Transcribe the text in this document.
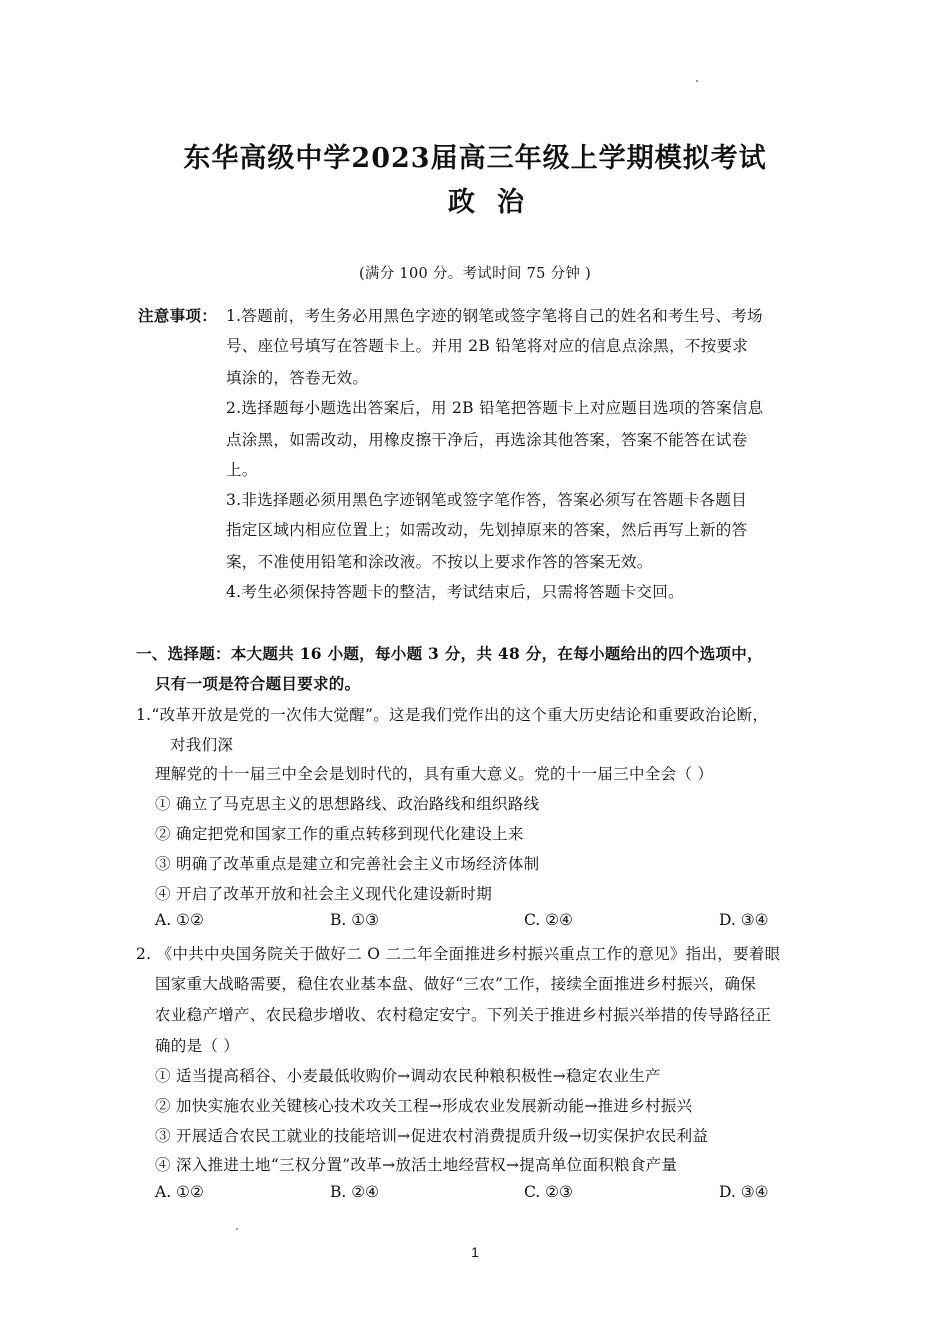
东华高级中学2023届高三年级上学期模拟考试
政治
(满分 100 分。考试时间 75 分钟 )
注意事项： 1.答题前，考生务必用黑色字迹的钢笔或签字笔将自己的姓名和考生号、考场
号、座位号填写在答题卡上。并用 2B 铅笔将对应的信息点涂黑，不按要求
填涂的，答卷无效。
2.选择题每小题选出答案后，用 2B 铅笔把答题卡上对应题目选项的答案信息
点涂黑，如需改动，用橡皮擦干净后，再选涂其他答案，答案不能答在试卷
上。
3.非选择题必须用黑色字迹钢笔或签字笔作答，答案必须写在答题卡各题目
指定区域内相应位置上；如需改动，先划掉原来的答案，然后再写上新的答
案，不准使用铅笔和涂改液。不按以上要求作答的答案无效。
4.考生必须保持答题卡的整洁，考试结束后，只需将答题卡交回。
一、选择题：本大题共 16 小题，每小题 3 分，共 48 分，在每小题给出的四个选项中，
只有一项是符合题目要求的。
1.“改革开放是党的一次伟大觉醒”。这是我们党作出的这个重大历史结论和重要政治论断，
对我们深
理解党的十一届三中全会是划时代的，具有重大意义。党的十一届三中全会（ ）
① 确立了马克思主义的思想路线、政治路线和组织路线
② 确定把党和国家工作的重点转移到现代化建设上来
③ 明确了改革重点是建立和完善社会主义市场经济体制
④ 开启了改革开放和社会主义现代化建设新时期
A. ①②	B. ①③	C. ②④	D. ③④
2. 《中共中央国务院关于做好二 O 二二年全面推进乡村振兴重点工作的意见》指出，要着眼
国家重大战略需要，稳住农业基本盘、做好“三农”工作，接续全面推进乡村振兴，确保
农业稳产增产、农民稳步增收、农村稳定安宁。下列关于推进乡村振兴举措的传导路径正
确的是（ ）
① 适当提高稻谷、小麦最低收购价→调动农民种粮积极性→稳定农业生产
② 加快实施农业关键核心技术攻关工程→形成农业发展新动能→推进乡村振兴
③ 开展适合农民工就业的技能培训→促进农村消费提质升级→切实保护农民利益
④ 深入推进土地“三权分置”改革→放活土地经营权→提高单位面积粮食产量
A. ①②	B. ②④	C. ②③	D. ③④
1
